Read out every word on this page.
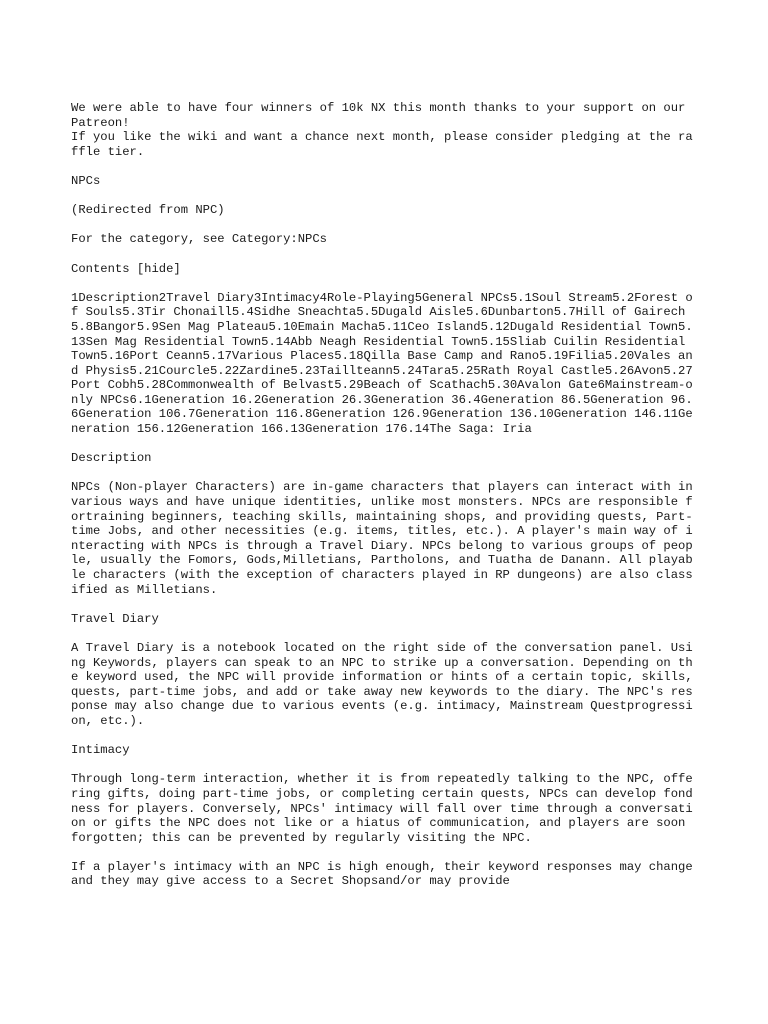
We were able to have four winners of 10k NX this month thanks to your support on our Patreon!

If you like the wiki and want a chance next month, please consider pledging at the raffle tier.

NPCs

(Redirected from NPC)

For the category, see Category:NPCs

Contents [hide]

1Description2Travel Diary3Intimacy4Role-Playing5General NPCs5.1Soul Stream5.2Forest of Souls5.3Tir Chonaill5.4Sidhe Sneachta5.5Dugald Aisle5.6Dunbarton5.7Hill of Gairech5.8Bangor5.9Sen Mag Plateau5.10Emain Macha5.11Ceo Island5.12Dugald Residential Town5.13Sen Mag Residential Town5.14Abb Neagh Residential Town5.15Sliab Cuilin Residential Town5.16Port Ceann5.17Various Places5.18Qilla Base Camp and Rano5.19Filia5.20Vales and Physis5.21Courcle5.22Zardine5.23Taillteann5.24Tara5.25Rath Royal Castle5.26Avon5.27Port Cobh5.28Commonwealth of Belvast5.29Beach of Scathach5.30Avalon Gate6Mainstream-only NPCs6.1Generation 16.2Generation 26.3Generation 36.4Generation 86.5Generation 96.6Generation 106.7Generation 116.8Generation 126.9Generation 136.10Generation 146.11Generation 156.12Generation 166.13Generation 176.14The Saga: Iria

Description

NPCs (Non-player Characters) are in-game characters that players can interact with in various ways and have unique identities, unlike most monsters. NPCs are responsible fortraining beginners, teaching skills, maintaining shops, and providing quests, Part-time Jobs, and other necessities (e.g. items, titles, etc.). A player's main way of interacting with NPCs is through a Travel Diary. NPCs belong to various groups of people, usually the Fomors, Gods,Milletians, Partholons, and Tuatha de Danann. All playable characters (with the exception of characters played in RP dungeons) are also classified as Milletians.

Travel Diary

A Travel Diary is a notebook located on the right side of the conversation panel. Using Keywords, players can speak to an NPC to strike up a conversation. Depending on the keyword used, the NPC will provide information or hints of a certain topic, skills, quests, part-time jobs, and add or take away new keywords to the diary. The NPC's response may also change due to various events (e.g. intimacy, Mainstream Questprogression, etc.).

Intimacy

Through long-term interaction, whether it is from repeatedly talking to the NPC, offering gifts, doing part-time jobs, or completing certain quests, NPCs can develop fondness for players. Conversely, NPCs' intimacy will fall over time through a conversation or gifts the NPC does not like or a hiatus of communication, and players are soon forgotten; this can be prevented by regularly visiting the NPC.

If a player's intimacy with an NPC is high enough, their keyword responses may change and they may give access to a Secret Shopsand/or may provide
